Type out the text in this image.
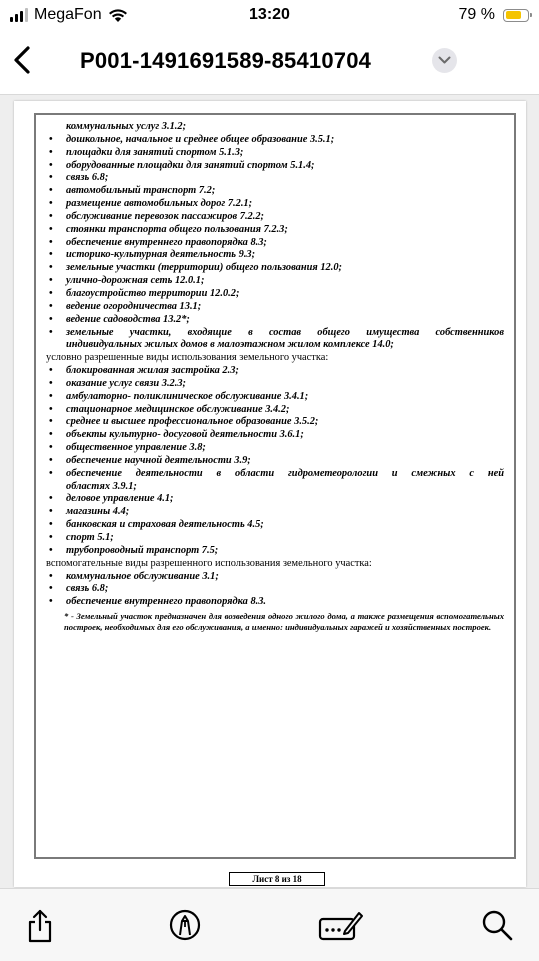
MegaFon	13:20	79 %
P001-1491691589-85410704
коммунальных услуг 3.1.2;
• дошкольное, начальное и среднее общее образование 3.5.1;
• площадки для занятий спортом 5.1.3;
• оборудованные площадки для занятий спортом 5.1.4;
• связь 6.8;
• автомобильный транспорт 7.2;
• размещение автомобильных дорог 7.2.1;
• обслуживание перевозок пассажиров 7.2.2;
• стоянки транспорта общего пользования 7.2.3;
• обеспечение внутреннего правопорядка 8.3;
• историко-культурная деятельность 9.3;
• земельные участки (территории) общего пользования 12.0;
• улично-дорожная сеть 12.0.1;
• благоустройство территории 12.0.2;
• ведение огородничества 13.1;
• ведение садоводства 13.2*;
• земельные участки, входящие в состав общего имущества собственников
индивидуальных жилых домов в малоэтажном жилом комплексе 14.0;
условно разрешенные виды использования земельного участка:
• блокированная жилая застройка 2.3;
• оказание услуг связи 3.2.3;
• амбулаторно- поликлиническое обслуживание 3.4.1;
• стационарное медицинское обслуживание 3.4.2;
• среднее и высшее профессиональное образование 3.5.2;
• объекты культурно- досуговой деятельности 3.6.1;
• общественное управление 3.8;
• обеспечение научной деятельности 3.9;
• обеспечение деятельности в области гидрометеорологии и смежных с ней
областях 3.9.1;
• деловое управление 4.1;
• магазины 4.4;
• банковская и страховая деятельность 4.5;
• спорт 5.1;
• трубопроводный транспорт 7.5;
вспомогательные виды разрешенного использования земельного участка:
• коммунальное обслуживание 3.1;
• связь 6.8;
• обеспечение внутреннего правопорядка 8.3.
* - Земельный участок предназначен для возведения одного жилого дома, а также размещения вспомогательных построек, необходимых для его обслуживания, а именно: индивидуальных гаражей и хозяйственных построек.
Лист 8 из 18
